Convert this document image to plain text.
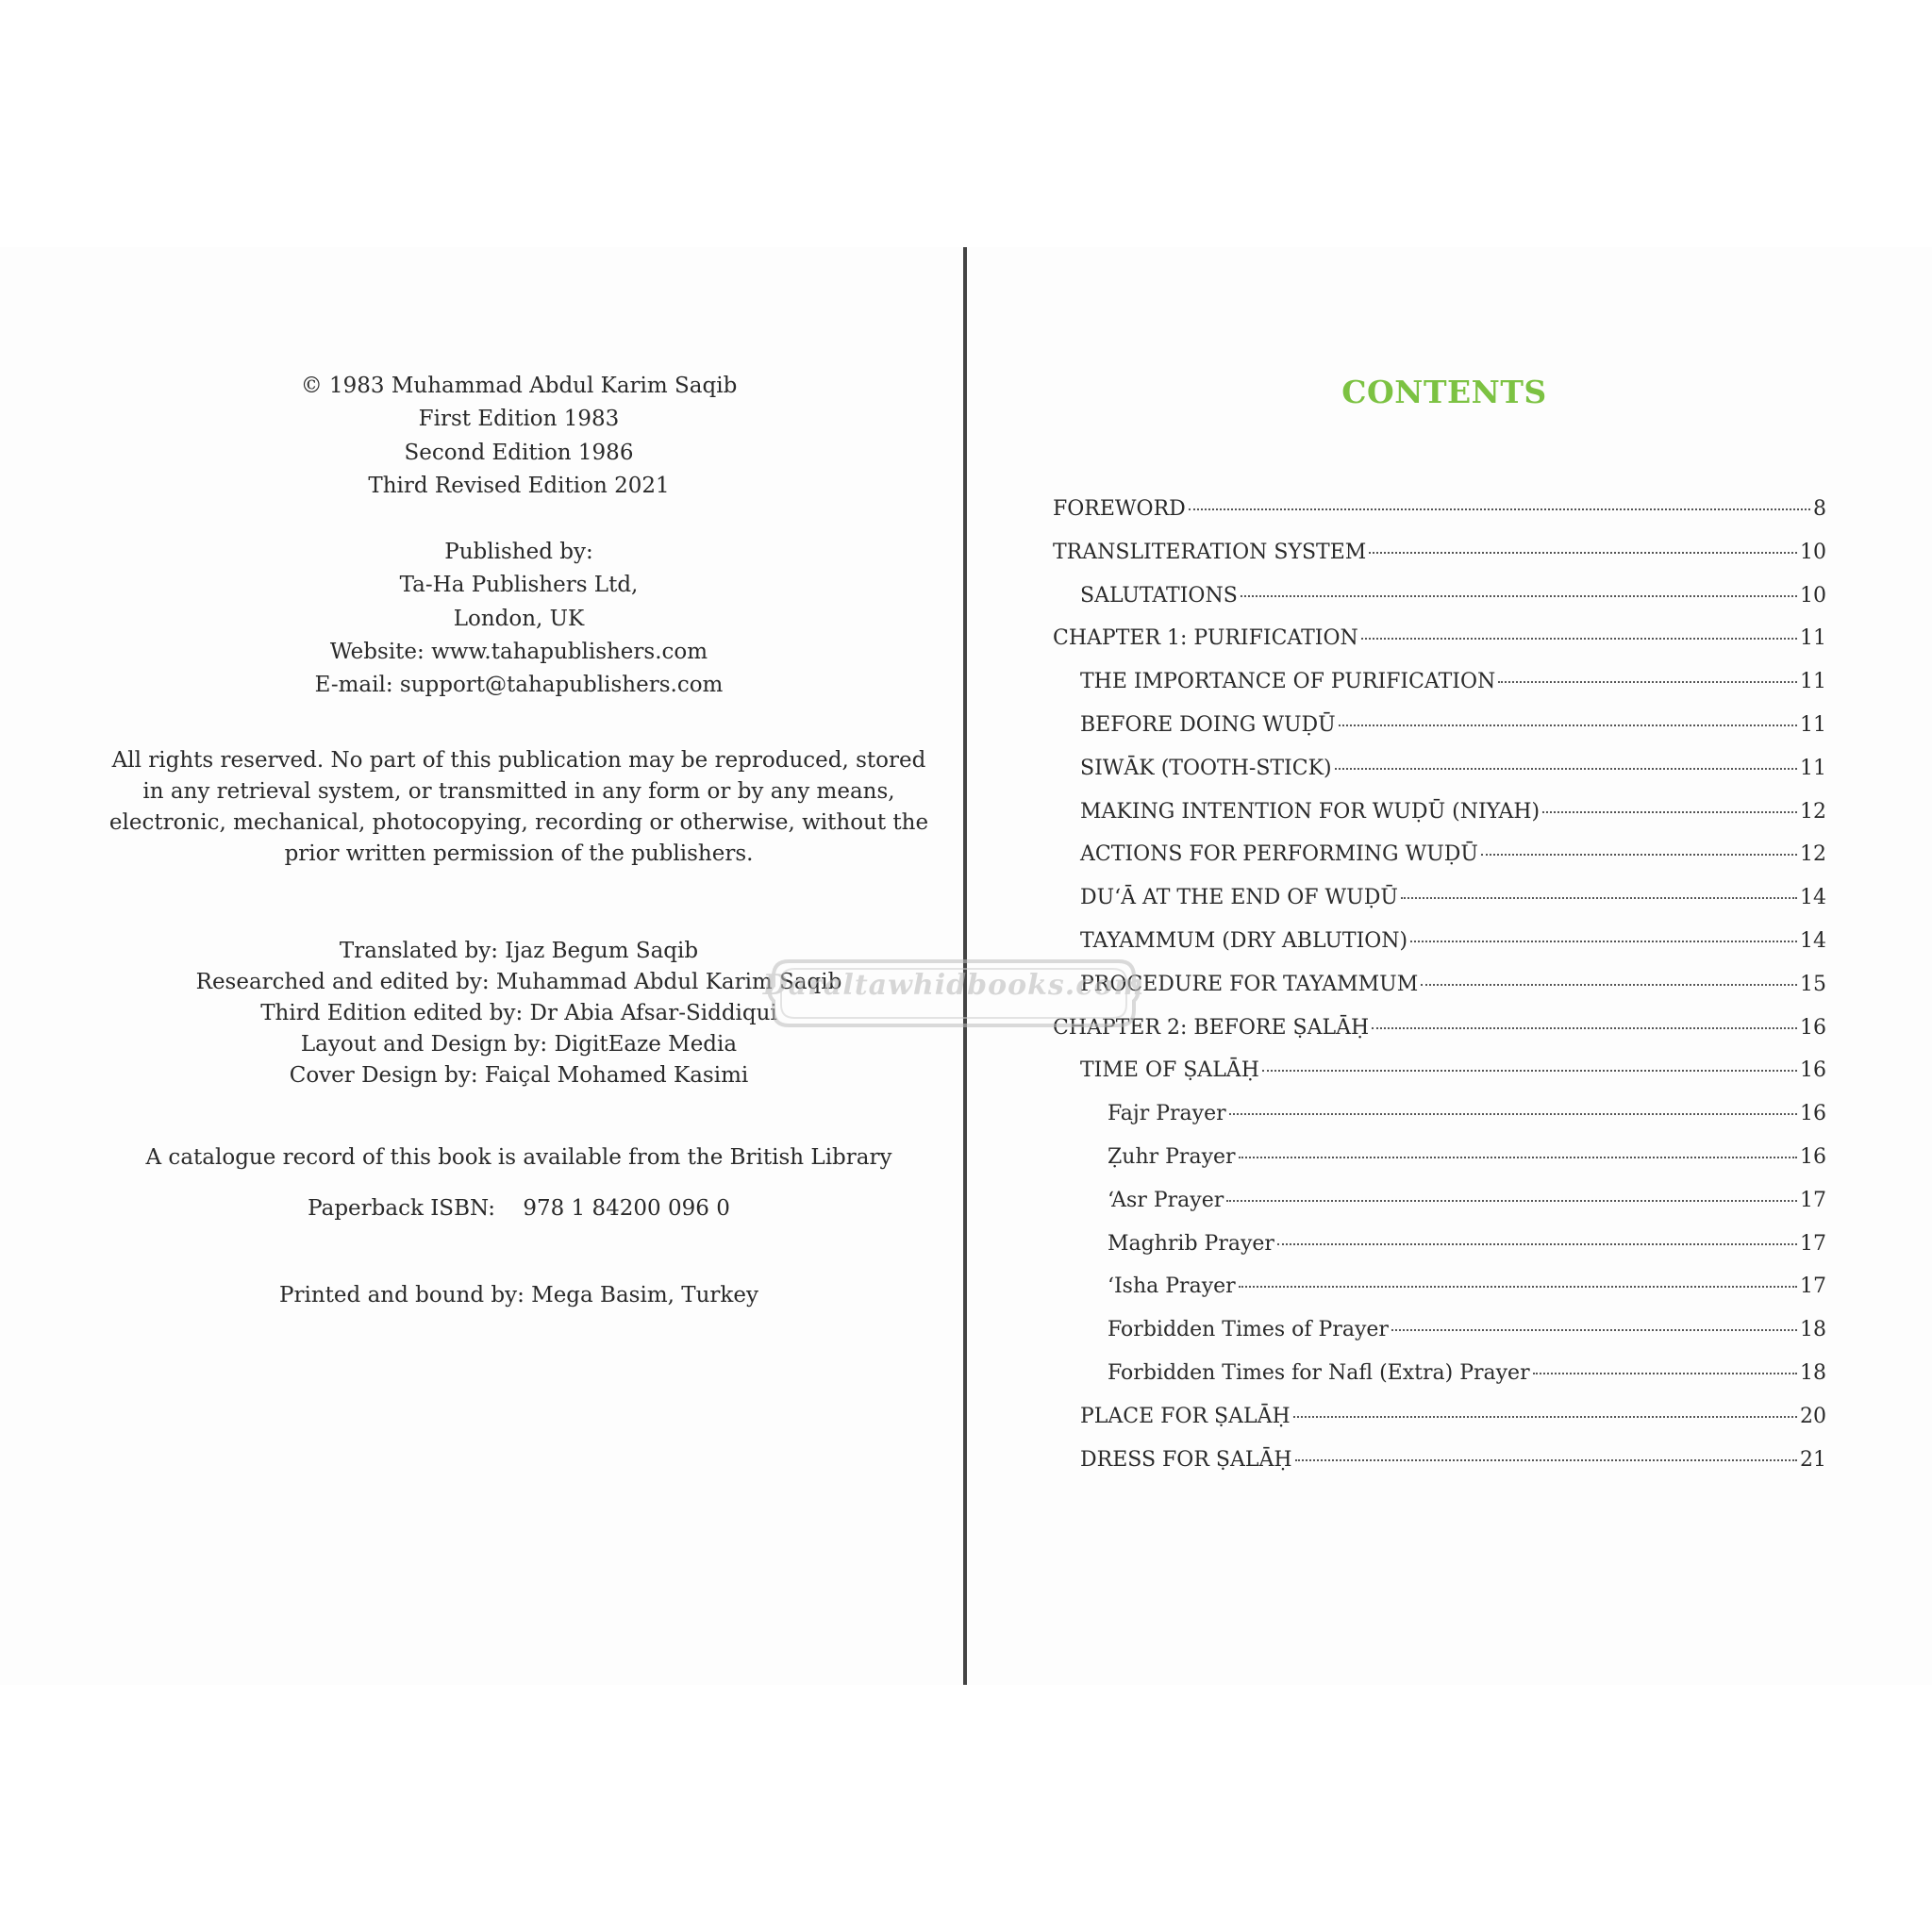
© 1983 Muhammad Abdul Karim Saqib
First Edition 1983
Second Edition 1986
Third Revised Edition 2021
Published by:
Ta-Ha Publishers Ltd,
London, UK
Website: www.tahapublishers.com
E-mail: support@tahapublishers.com
All rights reserved. No part of this publication may be reproduced, stored
in any retrieval system, or transmitted in any form or by any means,
electronic, mechanical, photocopying, recording or otherwise, without the
prior written permission of the publishers.
Translated by: Ijaz Begum Saqib
Researched and edited by: Muhammad Abdul Karim Saqib
Third Edition edited by: Dr Abia Afsar-Siddiqui
Layout and Design by: DigitEaze Media
Cover Design by: Faiçal Mohamed Kasimi
A catalogue record of this book is available from the British Library
Paperback ISBN: 978 1 84200 096 0
Printed and bound by: Mega Basim, Turkey
CONTENTS
FOREWORD	8
TRANSLITERATION SYSTEM	10
SALUTATIONS	10
CHAPTER 1: PURIFICATION	11
THE IMPORTANCE OF PURIFICATION	11
BEFORE DOING WUḌŪ	11
SIWĀK (TOOTH-STICK)	11
MAKING INTENTION FOR WUḌŪ (NIYAH)	12
ACTIONS FOR PERFORMING WUḌŪ	12
DU‘Ā AT THE END OF WUḌŪ	14
TAYAMMUM (DRY ABLUTION)	14
PROCEDURE FOR TAYAMMUM	15
CHAPTER 2: BEFORE ṢALĀḤ	16
TIME OF ṢALĀḤ	16
Fajr Prayer	16
Ẓuhr Prayer	16
‘Asr Prayer	17
Maghrib Prayer	17
‘Isha Prayer	17
Forbidden Times of Prayer	18
Forbidden Times for Nafl (Extra) Prayer	18
PLACE FOR ṢALĀḤ	20
DRESS FOR ṢALĀḤ	21
Daraltawhidbooks.com
